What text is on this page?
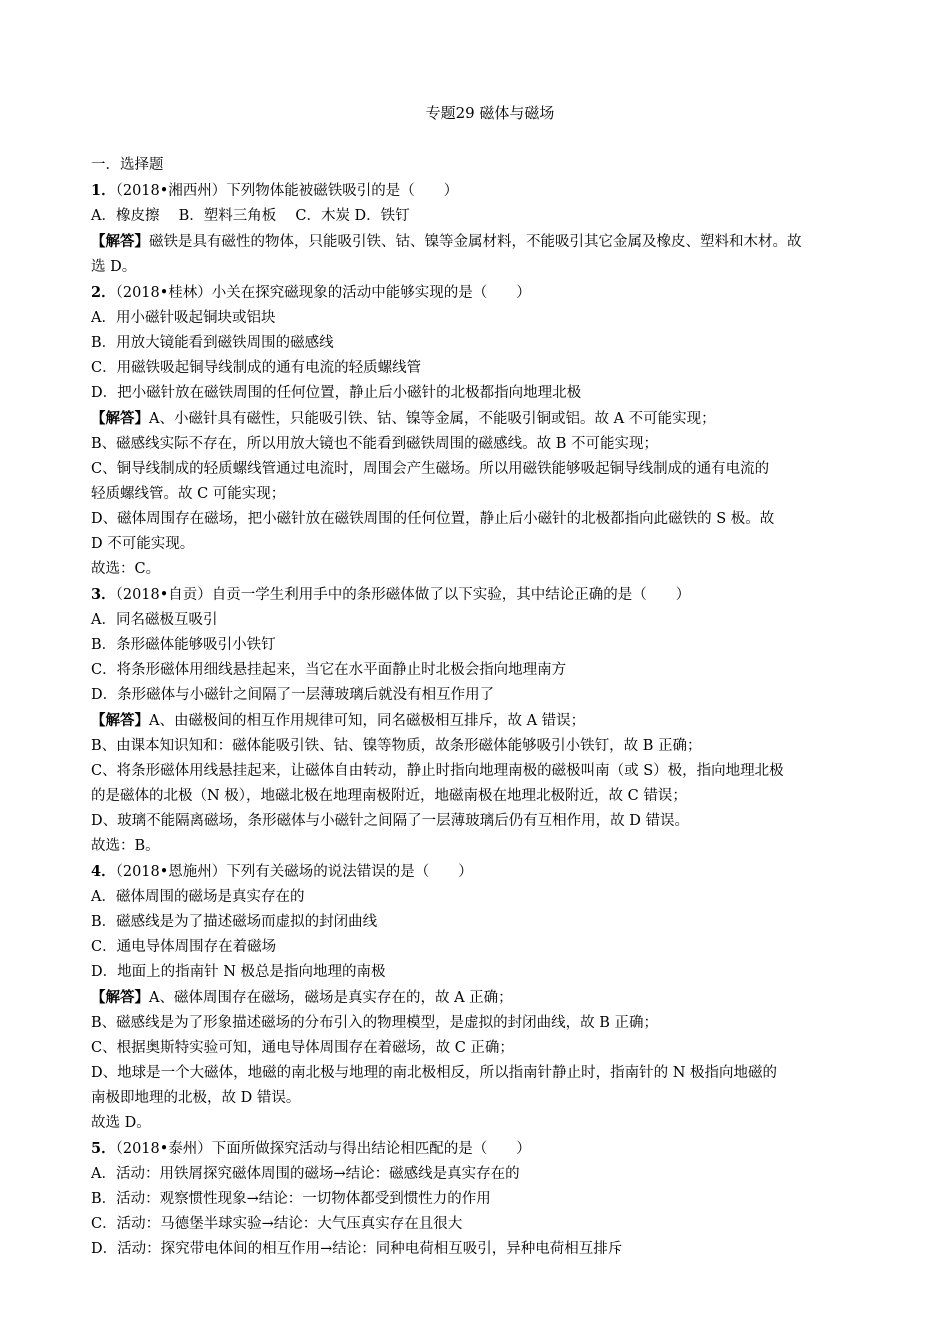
专题29 磁体与磁场
一．选择题
1．（2018•湘西州）下列物体能被磁铁吸引的是（　　）
A．橡皮擦　 B．塑料三角板　 C．木炭 D．铁钉
【解答】磁铁是具有磁性的物体，只能吸引铁、钴、镍等金属材料，不能吸引其它金属及橡皮、塑料和木材。故
选 D。
2．（2018•桂林）小关在探究磁现象的活动中能够实现的是（　　）
A．用小磁针吸起铜块或铝块
B．用放大镜能看到磁铁周围的磁感线
C．用磁铁吸起铜导线制成的通有电流的轻质螺线管
D．把小磁针放在磁铁周围的任何位置，静止后小磁针的北极都指向地理北极
【解答】A、小磁针具有磁性，只能吸引铁、钴、镍等金属，不能吸引铜或铝。故 A 不可能实现；
B、磁感线实际不存在，所以用放大镜也不能看到磁铁周围的磁感线。故 B 不可能实现；
C、铜导线制成的轻质螺线管通过电流时，周围会产生磁场。所以用磁铁能够吸起铜导线制成的通有电流的
轻质螺线管。故 C 可能实现；
D、磁体周围存在磁场，把小磁针放在磁铁周围的任何位置，静止后小磁针的北极都指向此磁铁的 S 极。故
D 不可能实现。
故选：C。
3．（2018•自贡）自贡一学生利用手中的条形磁体做了以下实验，其中结论正确的是（　　）
A．同名磁极互吸引
B．条形磁体能够吸引小铁钉
C．将条形磁体用细线悬挂起来，当它在水平面静止时北极会指向地理南方
D．条形磁体与小磁针之间隔了一层薄玻璃后就没有相互作用了
【解答】A、由磁极间的相互作用规律可知，同名磁极相互排斥，故 A 错误；
B、由课本知识知和：磁体能吸引铁、钴、镍等物质，故条形磁体能够吸引小铁钉，故 B 正确；
C、将条形磁体用线悬挂起来，让磁体自由转动，静止时指向地理南极的磁极叫南（或 S）极，指向地理北极
的是磁体的北极（N 极），地磁北极在地理南极附近，地磁南极在地理北极附近，故 C 错误；
D、玻璃不能隔离磁场，条形磁体与小磁针之间隔了一层薄玻璃后仍有互相作用，故 D 错误。
故选：B。
4．（2018•恩施州）下列有关磁场的说法错误的是（　　）
A．磁体周围的磁场是真实存在的
B．磁感线是为了描述磁场而虚拟的封闭曲线
C．通电导体周围存在着磁场
D．地面上的指南针 N 极总是指向地理的南极
【解答】A、磁体周围存在磁场，磁场是真实存在的，故 A 正确；
B、磁感线是为了形象描述磁场的分布引入的物理模型，是虚拟的封闭曲线，故 B 正确；
C、根据奥斯特实验可知，通电导体周围存在着磁场，故 C 正确；
D、地球是一个大磁体，地磁的南北极与地理的南北极相反，所以指南针静止时，指南针的 N 极指向地磁的
南极即地理的北极，故 D 错误。
故选 D。
5．（2018•泰州）下面所做探究活动与得出结论相匹配的是（　　）
A．活动：用铁屑探究磁体周围的磁场→结论：磁感线是真实存在的
B．活动：观察惯性现象→结论：一切物体都受到惯性力的作用
C．活动：马德堡半球实验→结论：大气压真实存在且很大
D．活动：探究带电体间的相互作用→结论：同种电荷相互吸引，异种电荷相互排斥
